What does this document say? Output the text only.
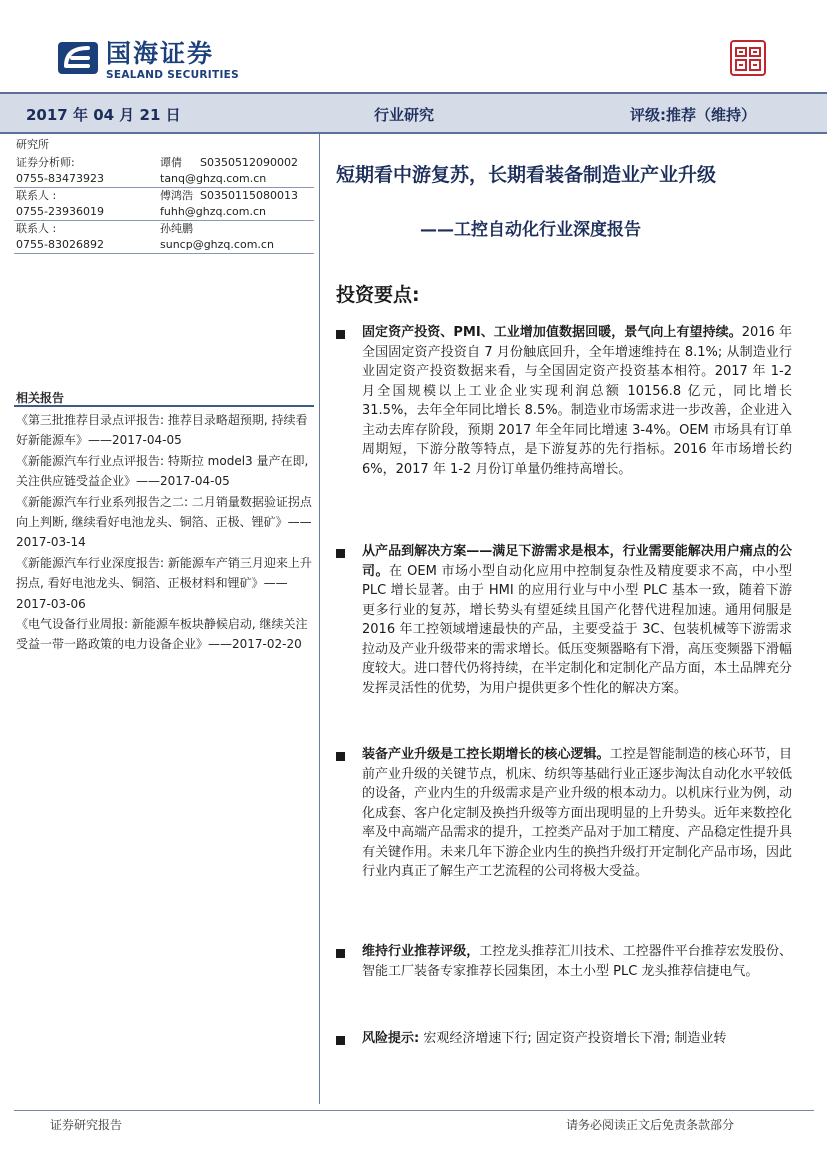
国海证券
SEALAND SECURITIES
2017 年 04 月 21 日	行业研究	评级:推荐（维持）
研究所
证券分析师:	谭倩 S0350512090002
0755-83473923	tanq@ghzq.com.cn
联系人 :	傅鸿浩 S0350115080013
0755-23936019	fuhh@ghzq.com.cn
联系人 :	孙纯鹏
0755-83026892	suncp@ghzq.com.cn
相关报告

《第三批推荐目录点评报告: 推荐目录略超预期, 持续看好新能源车》——2017-04-05

《新能源汽车行业点评报告: 特斯拉 model3 量产在即, 关注供应链受益企业》——2017-04-05

《新能源汽车行业系列报告之二: 二月销量数据验证拐点向上判断, 继续看好电池龙头、铜箔、正极、锂矿》——2017-03-14

《新能源汽车行业深度报告: 新能源车产销三月迎来上升拐点, 看好电池龙头、铜箔、正极材料和锂矿》——2017-03-06

《电气设备行业周报: 新能源车板块静候启动, 继续关注受益一带一路政策的电力设备企业》——2017-02-20

短期看中游复苏，长期看装备制造业产业升级
——工控自动化行业深度报告
投资要点:
固定资产投资、PMI、工业增加值数据回暖，景气向上有望持续。2016 年全国固定资产投资自 7 月份触底回升，全年增速维持在 8.1%; 从制造业行业固定资产投资数据来看，与全国固定资产投资基本相符。2017 年 1-2 月全国规模以上工业企业实现利润总额 10156.8 亿元，同比增长 31.5%，去年全年同比增长 8.5%。制造业市场需求进一步改善，企业进入主动去库存阶段，预期 2017 年全年同比增速 3-4%。OEM 市场具有订单周期短，下游分散等特点，是下游复苏的先行指标。2016 年市场增长约 6%，2017 年 1-2 月份订单量仍维持高增长。
从产品到解决方案——满足下游需求是根本，行业需要能解决用户痛点的公司。在 OEM 市场小型自动化应用中控制复杂性及精度要求不高，中小型 PLC 增长显著。由于 HMI 的应用行业与中小型 PLC 基本一致，随着下游更多行业的复苏，增长势头有望延续且国产化替代进程加速。通用伺服是 2016 年工控领域增速最快的产品，主要受益于 3C、包装机械等下游需求拉动及产业升级带来的需求增长。低压变频器略有下滑，高压变频器下滑幅度较大。进口替代仍将持续，在半定制化和定制化产品方面，本土品牌充分发挥灵活性的优势，为用户提供更多个性化的解决方案。
装备产业升级是工控长期增长的核心逻辑。工控是智能制造的核心环节，目前产业升级的关键节点，机床、纺织等基础行业正逐步淘汰自动化水平较低的设备，产业内生的升级需求是产业升级的根本动力。以机床行业为例，动化成套、客户化定制及换挡升级等方面出现明显的上升势头。近年来数控化率及中高端产品需求的提升，工控类产品对于加工精度、产品稳定性提升具有关键作用。未来几年下游企业内生的换挡升级打开定制化产品市场，因此行业内真正了解生产工艺流程的公司将极大受益。
维持行业推荐评级，工控龙头推荐汇川技术、工控器件平台推荐宏发股份、智能工厂装备专家推荐长园集团，本土小型 PLC 龙头推荐信捷电气。
风险提示: 宏观经济增速下行; 固定资产投资增长下滑; 制造业转
证券研究报告	请务必阅读正文后免责条款部分
